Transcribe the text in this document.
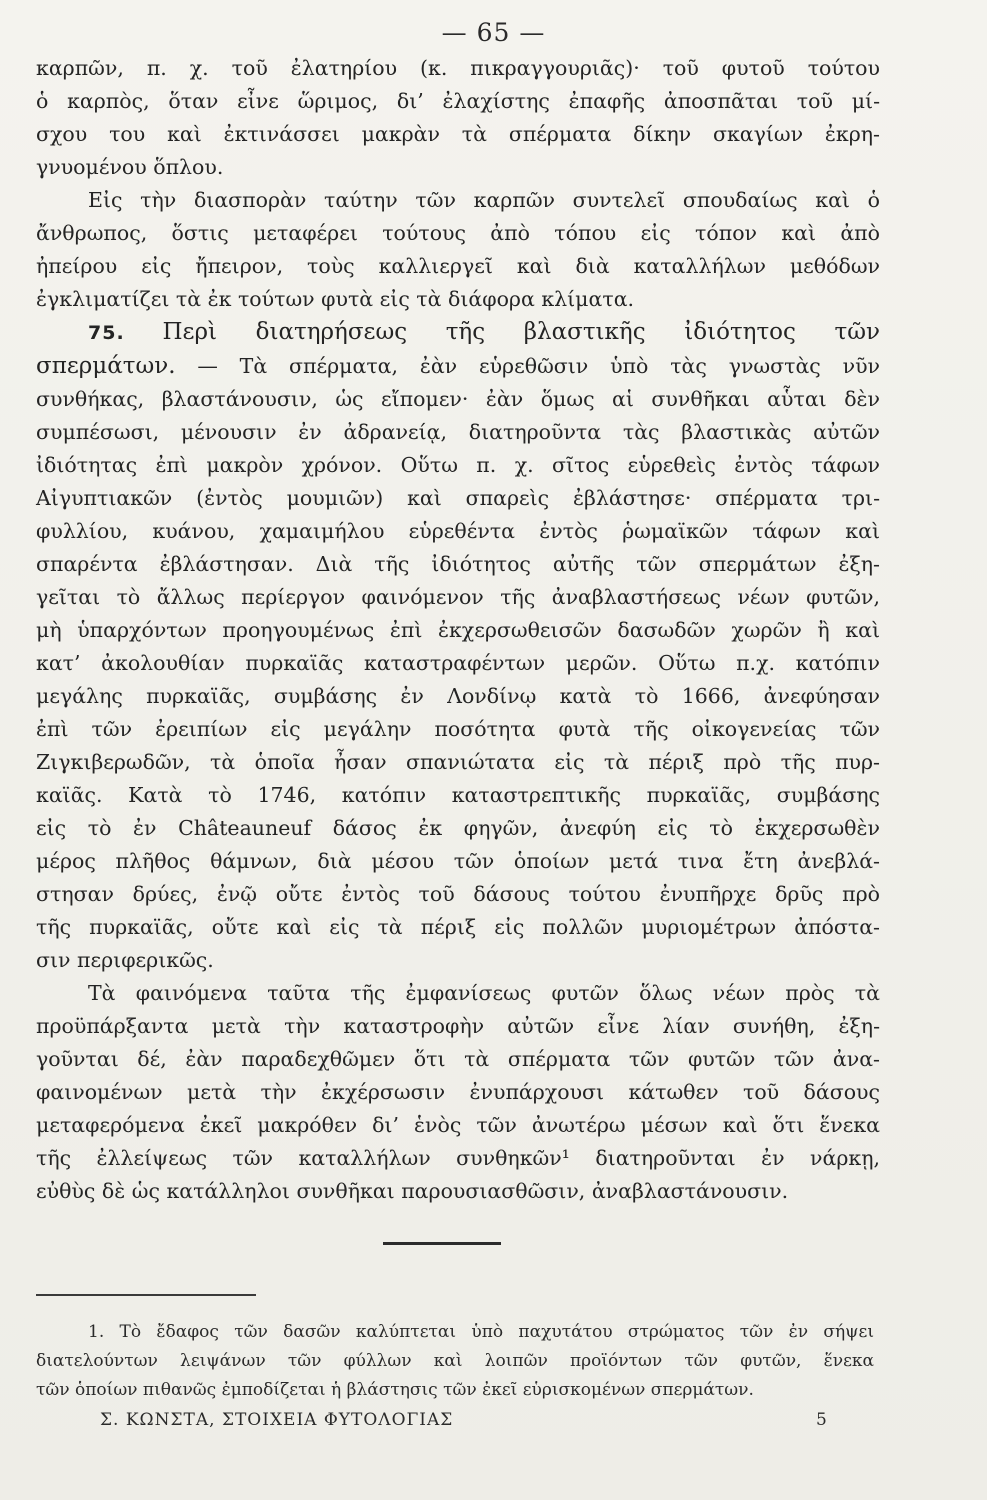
— 65 —

καρπῶν, π. χ. τοῦ ἐλατηρίου (κ. πικραγγουριᾶς)· τοῦ φυτοῦ τούτου
ὁ καρπὸς, ὅταν εἶνε ὥριμος, δι’ ἐλαχίστης ἐπαφῆς ἀποσπᾶται τοῦ μί-
σχου του καὶ ἐκτινάσσει μακρὰν τὰ σπέρματα δίκην σκαγίων ἐκρη-
γνυομένου ὅπλου.

Εἰς τὴν διασπορὰν ταύτην τῶν καρπῶν συντελεῖ σπουδαίως καὶ ὁ
ἄνθρωπος, ὅστις μεταφέρει τούτους ἀπὸ τόπου εἰς τόπον καὶ ἀπὸ
ἠπείρου εἰς ἤπειρον, τοὺς καλλιεργεῖ καὶ διὰ καταλλήλων μεθόδων
ἐγκλιματίζει τὰ ἐκ τούτων φυτὰ εἰς τὰ διάφορα κλίματα.

75. Περὶ διατηρήσεως τῆς βλαστικῆς ἰδιότητος τῶν
σπερμάτων. — Τὰ σπέρματα, ἐὰν εὑρεθῶσιν ὑπὸ τὰς γνωστὰς νῦν
συνθήκας, βλαστάνουσιν, ὡς εἴπομεν· ἐὰν ὅμως αἱ συνθῆκαι αὗται δὲν
συμπέσωσι, μένουσιν ἐν ἀδρανείᾳ, διατηροῦντα τὰς βλαστικὰς αὐτῶν
ἰδιότητας ἐπὶ μακρὸν χρόνον. Οὕτω π. χ. σῖτος εὑρεθεὶς ἐντὸς τάφων
Αἰγυπτιακῶν (ἐντὸς μουμιῶν) καὶ σπαρεὶς ἐβλάστησε· σπέρματα τρι-
φυλλίου, κυάνου, χαμαιμήλου εὑρεθέντα ἐντὸς ῥωμαϊκῶν τάφων καὶ
σπαρέντα ἐβλάστησαν. Διὰ τῆς ἰδιότητος αὐτῆς τῶν σπερμάτων ἐξη-
γεῖται τὸ ἄλλως περίεργον φαινόμενον τῆς ἀναβλαστήσεως νέων φυτῶν,
μὴ ὑπαρχόντων προηγουμένως ἐπὶ ἐκχερσωθεισῶν δασωδῶν χωρῶν ἢ καὶ
κατ’ ἀκολουθίαν πυρκαϊᾶς καταστραφέντων μερῶν. Οὕτω π.χ. κατόπιν
μεγάλης πυρκαϊᾶς, συμβάσης ἐν Λονδίνῳ κατὰ τὸ 1666, ἀνεφύησαν
ἐπὶ τῶν ἐρειπίων εἰς μεγάλην ποσότητα φυτὰ τῆς οἰκογενείας τῶν
Ζιγκιβερωδῶν, τὰ ὁποῖα ἦσαν σπανιώτατα εἰς τὰ πέριξ πρὸ τῆς πυρ-
καϊᾶς. Κατὰ τὸ 1746, κατόπιν καταστρεπτικῆς πυρκαϊᾶς, συμβάσης
εἰς τὸ ἐν Châteauneuf δάσος ἐκ φηγῶν, ἀνεφύη εἰς τὸ ἐκχερσωθὲν
μέρος πλῆθος θάμνων, διὰ μέσου τῶν ὁποίων μετά τινα ἔτη ἀνεβλά-
στησαν δρύες, ἐνῷ οὔτε ἐντὸς τοῦ δάσους τούτου ἐνυπῆρχε δρῦς πρὸ
τῆς πυρκαϊᾶς, οὔτε καὶ εἰς τὰ πέριξ εἰς πολλῶν μυριομέτρων ἀπόστα-
σιν περιφερικῶς.

Τὰ φαινόμενα ταῦτα τῆς ἐμφανίσεως φυτῶν ὅλως νέων πρὸς τὰ
προϋπάρξαντα μετὰ τὴν καταστροφὴν αὐτῶν εἶνε λίαν συνήθη, ἐξη-
γοῦνται δέ, ἐὰν παραδεχθῶμεν ὅτι τὰ σπέρματα τῶν φυτῶν τῶν ἀνα-
φαινομένων μετὰ τὴν ἐκχέρσωσιν ἐνυπάρχουσι κάτωθεν τοῦ δάσους
μεταφερόμενα ἐκεῖ μακρόθεν δι’ ἑνὸς τῶν ἀνωτέρω μέσων καὶ ὅτι ἕνεκα
τῆς ἐλλείψεως τῶν καταλλήλων συνθηκῶν¹ διατηροῦνται ἐν νάρκῃ,
εὐθὺς δὲ ὡς κατάλληλοι συνθῆκαι παρουσιασθῶσιν, ἀναβλαστάνουσιν.

1. Τὸ ἔδαφος τῶν δασῶν καλύπτεται ὑπὸ παχυτάτου στρώματος τῶν ἐν σήψει
διατελούντων λειψάνων τῶν φύλλων καὶ λοιπῶν προϊόντων τῶν φυτῶν, ἕνεκα
τῶν ὁποίων πιθανῶς ἐμποδίζεται ἡ βλάστησις τῶν ἐκεῖ εὑρισκομένων σπερμάτων.
Σ. ΚΩΝΣΤΑ, ΣΤΟΙΧΕΙΑ ΦΥΤΟΛΟΓΙΑΣ	5
